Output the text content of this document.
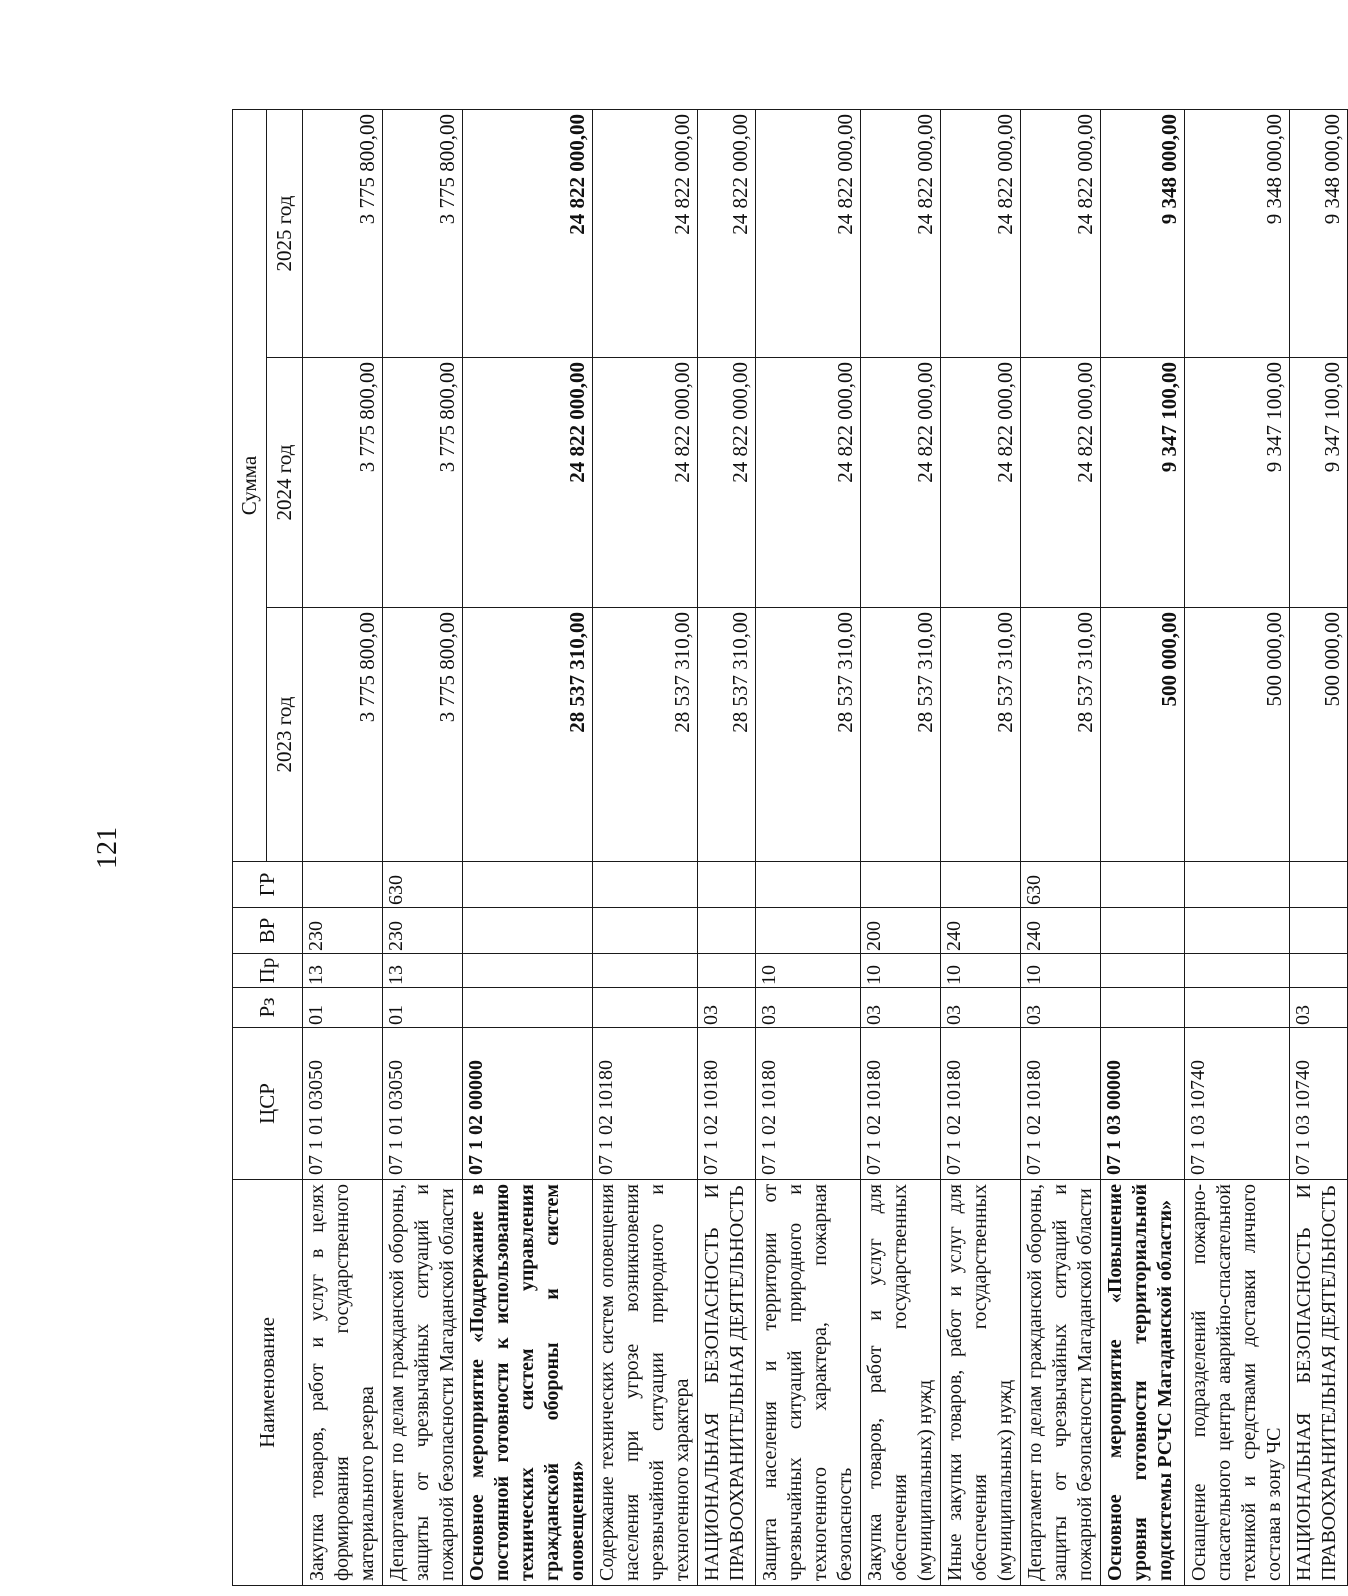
121
Наименование	ЦСР	Рз	Пр	ВР	ГР	Сумма		
						2023 год	2024 год	2025 год
Закупка товаров, работ и услуг в целях формирования государственного материального резерва	07 1 01 03050	01	13	230		3 775 800,00	3 775 800,00	3 775 800,00
Департамент по делам гражданской обороны, защиты от чрезвычайных ситуаций и пожарной безопасности Магаданской области	07 1 01 03050	01	13	230	630	3 775 800,00	3 775 800,00	3 775 800,00
Основное мероприятие «Поддержание в постоянной готовности к использованию технических систем управления гражданской обороны и систем оповещения»	07 1 02 00000					28 537 310,00	24 822 000,00	24 822 000,00
Содержание технических систем оповещения населения при угрозе возникновения чрезвычайной ситуации природного и техногенного характера	07 1 02 10180					28 537 310,00	24 822 000,00	24 822 000,00
НАЦИОНАЛЬНАЯ БЕЗОПАСНОСТЬ И ПРАВООХРАНИТЕЛЬНАЯ ДЕЯТЕЛЬНОСТЬ	07 1 02 10180	03				28 537 310,00	24 822 000,00	24 822 000,00
Защита населения и территории от чрезвычайных ситуаций природного и техногенного характера, пожарная безопасность	07 1 02 10180	03	10			28 537 310,00	24 822 000,00	24 822 000,00
Закупка товаров, работ и услуг для обеспечения государственных (муниципальных) нужд	07 1 02 10180	03	10	200		28 537 310,00	24 822 000,00	24 822 000,00
Иные закупки товаров, работ и услуг для обеспечения государственных (муниципальных) нужд	07 1 02 10180	03	10	240		28 537 310,00	24 822 000,00	24 822 000,00
Департамент по делам гражданской обороны, защиты от чрезвычайных ситуаций и пожарной безопасности Магаданской области	07 1 02 10180	03	10	240	630	28 537 310,00	24 822 000,00	24 822 000,00
Основное мероприятие «Повышение уровня готовности территориальной подсистемы РСЧС Магаданской области»	07 1 03 00000					500 000,00	9 347 100,00	9 348 000,00
Оснащение подразделений пожарно-спасательного центра аварийно-спасательной техникой и средствами доставки личного состава в зону ЧС	07 1 03 10740					500 000,00	9 347 100,00	9 348 000,00
НАЦИОНАЛЬНАЯ БЕЗОПАСНОСТЬ И ПРАВООХРАНИТЕЛЬНАЯ ДЕЯТЕЛЬНОСТЬ	07 1 03 10740	03				500 000,00	9 347 100,00	9 348 000,00
